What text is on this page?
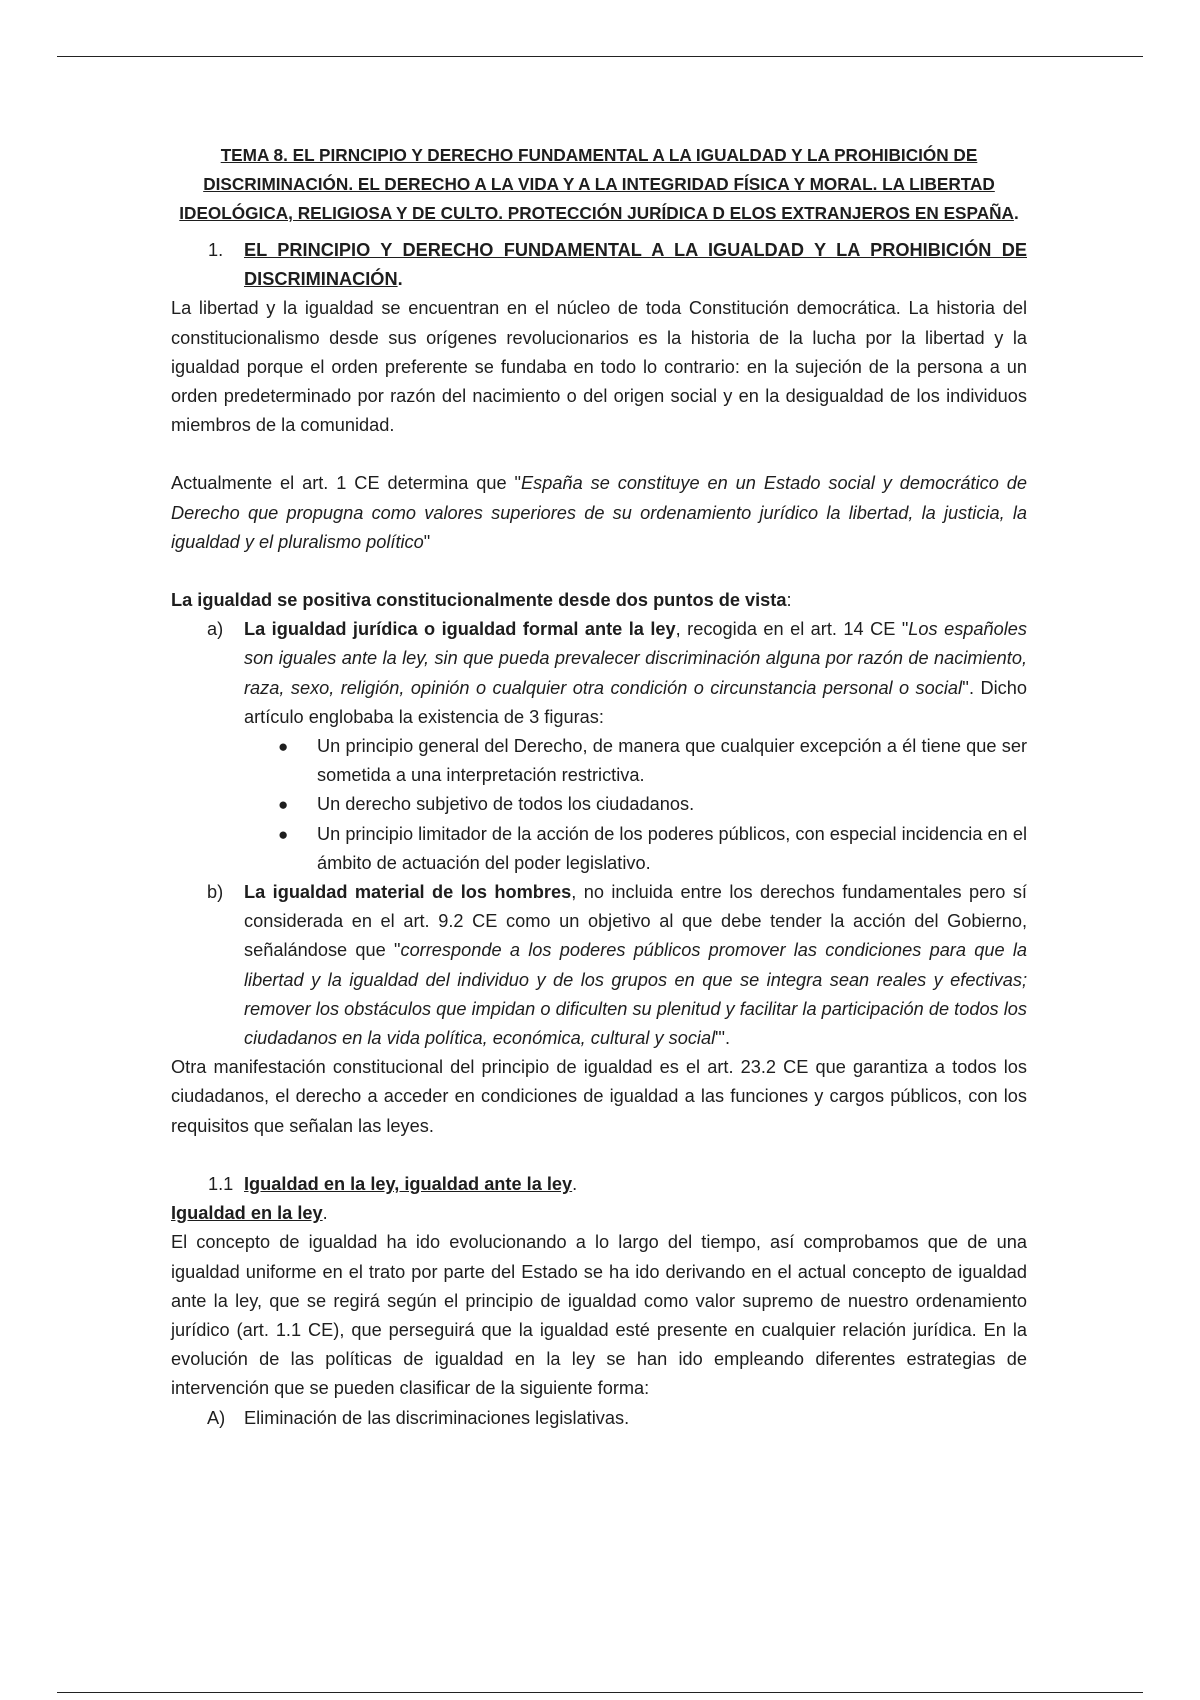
TEMA 8. EL PIRNCIPIO Y DERECHO FUNDAMENTAL A LA IGUALDAD Y LA PROHIBICIÓN DE DISCRIMINACIÓN. EL DERECHO A LA VIDA Y A LA INTEGRIDAD FÍSICA Y MORAL. LA LIBERTAD IDEOLÓGICA, RELIGIOSA Y DE CULTO. PROTECCIÓN JURÍDICA D ELOS EXTRANJEROS EN ESPAÑA.
1. EL PRINCIPIO Y DERECHO FUNDAMENTAL A LA IGUALDAD Y LA PROHIBICIÓN DE DISCRIMINACIÓN.

La libertad y la igualdad se encuentran en el núcleo de toda Constitución democrática. La historia del constitucionalismo desde sus orígenes revolucionarios es la historia de la lucha por la libertad y la igualdad porque el orden preferente se fundaba en todo lo contrario: en la sujeción de la persona a un orden predeterminado por razón del nacimiento o del origen social y en la desigualdad de los individuos miembros de la comunidad.

Actualmente el art. 1 CE determina que "España se constituye en un Estado social y democrático de Derecho que propugna como valores superiores de su ordenamiento jurídico la libertad, la justicia, la igualdad y el pluralismo político"

La igualdad se positiva constitucionalmente desde dos puntos de vista:

a) La igualdad jurídica o igualdad formal ante la ley, recogida en el art. 14 CE "Los españoles son iguales ante la ley, sin que pueda prevalecer discriminación alguna por razón de nacimiento, raza, sexo, religión, opinión o cualquier otra condición o circunstancia personal o social''. Dicho artículo englobaba la existencia de 3 figuras:
● Un principio general del Derecho, de manera que cualquier excepción a él tiene que ser sometida a una interpretación restrictiva.
● Un derecho subjetivo de todos los ciudadanos.
● Un principio limitador de la acción de los poderes públicos, con especial incidencia en el ámbito de actuación del poder legislativo.
b) La igualdad material de los hombres, no incluida entre los derechos fundamentales pero sí considerada en el art. 9.2 CE como un objetivo al que debe tender la acción del Gobierno, señalándose que "corresponde a los poderes públicos promover las condiciones para que la libertad y la igualdad del individuo y de los grupos en que se integra sean reales y efectivas; remover los obstáculos que impidan o dificulten su plenitud y facilitar la participación de todos los ciudadanos en la vida política, económica, cultural y social"'.

Otra manifestación constitucional del principio de igualdad es el art. 23.2 CE que garantiza a todos los ciudadanos, el derecho a acceder en condiciones de igualdad a las funciones y cargos públicos, con los requisitos que señalan las leyes.

1.1 Igualdad en la ley, igualdad ante la ley.
Igualdad en la ley.

El concepto de igualdad ha ido evolucionando a lo largo del tiempo, así comprobamos que de una igualdad uniforme en el trato por parte del Estado se ha ido derivando en el actual concepto de igualdad ante la ley, que se regirá según el principio de igualdad como valor supremo de nuestro ordenamiento jurídico (art. 1.1 CE), que perseguirá que la igualdad esté presente en cualquier relación jurídica. En la evolución de las políticas de igualdad en la ley se han ido empleando diferentes estrategias de intervención que se pueden clasificar de la siguiente forma:

A) Eliminación de las discriminaciones legislativas.
